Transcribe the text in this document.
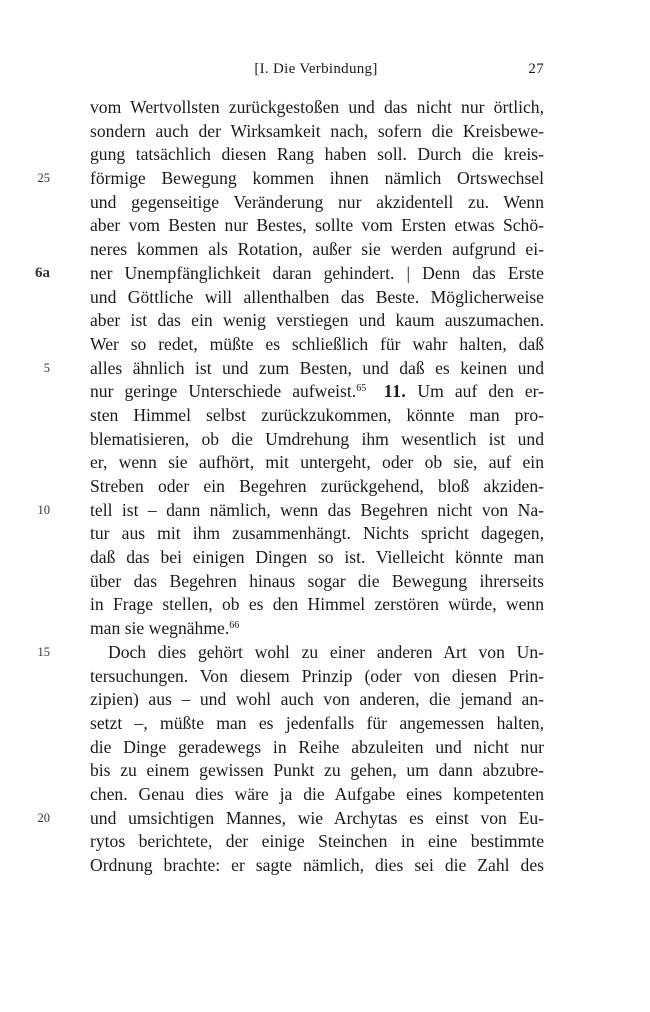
[I. Die Verbindung]	27
vom Wertvollsten zurückgestoßen und das nicht nur örtlich,
sondern auch der Wirksamkeit nach, sofern die Kreisbewe-
gung tatsächlich diesen Rang haben soll. Durch die kreis-
25 förmige Bewegung kommen ihnen nämlich Ortswechsel
und gegenseitige Veränderung nur akzidentell zu. Wenn
aber vom Besten nur Bestes, sollte vom Ersten etwas Schö-
neres kommen als Rotation, außer sie werden aufgrund ei-
6a ner Unempfänglichkeit daran gehindert. | Denn das Erste
und Göttliche will allenthalben das Beste. Möglicherweise
aber ist das ein wenig verstiegen und kaum auszumachen.
Wer so redet, müßte es schließlich für wahr halten, daß
5 alles ähnlich ist und zum Besten, und daß es keinen und
nur geringe Unterschiede aufweist.$^{65}$  11. Um auf den er-
sten Himmel selbst zurückzukommen, könnte man pro-
blematisieren, ob die Umdrehung ihm wesentlich ist und
er, wenn sie aufhört, mit untergeht, oder ob sie, auf ein
Streben oder ein Begehren zurückgehend, bloß akziden-
10 tell ist – dann nämlich, wenn das Begehren nicht von Na-
tur aus mit ihm zusammenhängt. Nichts spricht dagegen,
daß das bei einigen Dingen so ist. Vielleicht könnte man
über das Begehren hinaus sogar die Bewegung ihrerseits
in Frage stellen, ob es den Himmel zerstören würde, wenn
man sie wegnähme.$^{66}$
15	Doch dies gehört wohl zu einer anderen Art von Un-
tersuchungen. Von diesem Prinzip (oder von diesen Prin-
zipien) aus – und wohl auch von anderen, die jemand an-
setzt –, müßte man es jedenfalls für angemessen halten,
die Dinge geradewegs in Reihe abzuleiten und nicht nur
bis zu einem gewissen Punkt zu gehen, um dann abzubre-
chen. Genau dies wäre ja die Aufgabe eines kompetenten
20 und umsichtigen Mannes, wie Archytas es einst von Eu-
rytos berichtete, der einige Steinchen in eine bestimmte
Ordnung brachte: er sagte nämlich, dies sei die Zahl des
